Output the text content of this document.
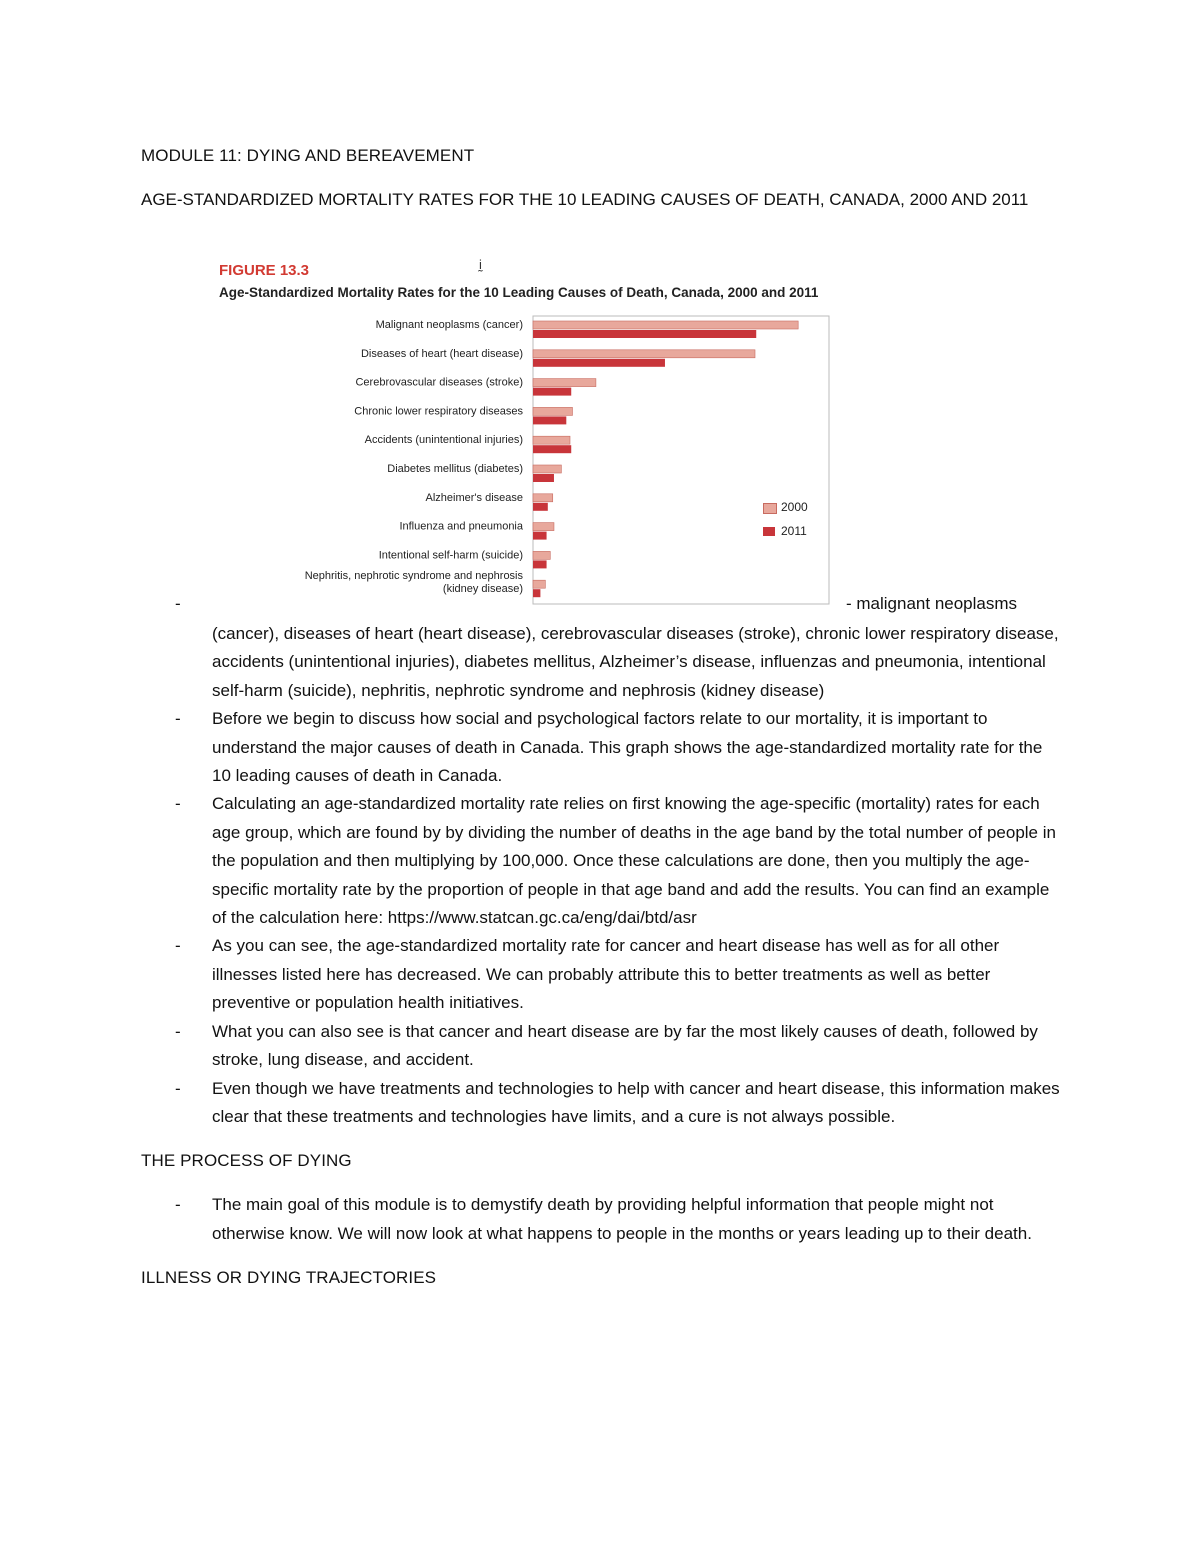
MODULE 11: DYING AND BEREAVEMENT
AGE-STANDARDIZED MORTALITY RATES FOR THE 10 LEADING CAUSES OF DEATH, CANADA, 2000 AND 2011
FIGURE 13.3	ḭ
Age-Standardized Mortality Rates for the 10 Leading Causes of Death, Canada, 2000 and 2011
Malignant neoplasms (cancer)
Diseases of heart (heart disease)
Cerebrovascular diseases (stroke)
Chronic lower respiratory diseases
Accidents (unintentional injuries)
Diabetes mellitus (diabetes)
Alzheimer's disease
Influenza and pneumonia
Intentional self-harm (suicide)
Nephritis, nephrotic syndrome and nephrosis (kidney disease)
2000
2011
-	- malignant neoplasms
(cancer), diseases of heart (heart disease), cerebrovascular diseases (stroke), chronic lower respiratory disease, accidents (unintentional injuries), diabetes mellitus, Alzheimer’s disease, influenzas and pneumonia, intentional self-harm (suicide), nephritis, nephrotic syndrome and nephrosis (kidney disease)
- Before we begin to discuss how social and psychological factors relate to our mortality, it is important to understand the major causes of death in Canada. This graph shows the age-standardized mortality rate for the 10 leading causes of death in Canada.
- Calculating an age-standardized mortality rate relies on first knowing the age-specific (mortality) rates for each age group, which are found by by dividing the number of deaths in the age band by the total number of people in the population and then multiplying by 100,000. Once these calculations are done, then you multiply the age-specific mortality rate by the proportion of people in that age band and add the results. You can find an example of the calculation here: https://www.statcan.gc.ca/eng/dai/btd/asr
- As you can see, the age-standardized mortality rate for cancer and heart disease has well as for all other illnesses listed here has decreased. We can probably attribute this to better treatments as well as better preventive or population health initiatives.
- What you can also see is that cancer and heart disease are by far the most likely causes of death, followed by stroke, lung disease, and accident.
- Even though we have treatments and technologies to help with cancer and heart disease, this information makes clear that these treatments and technologies have limits, and a cure is not always possible.
THE PROCESS OF DYING
- The main goal of this module is to demystify death by providing helpful information that people might not otherwise know. We will now look at what happens to people in the months or years leading up to their death.
ILLNESS OR DYING TRAJECTORIES
